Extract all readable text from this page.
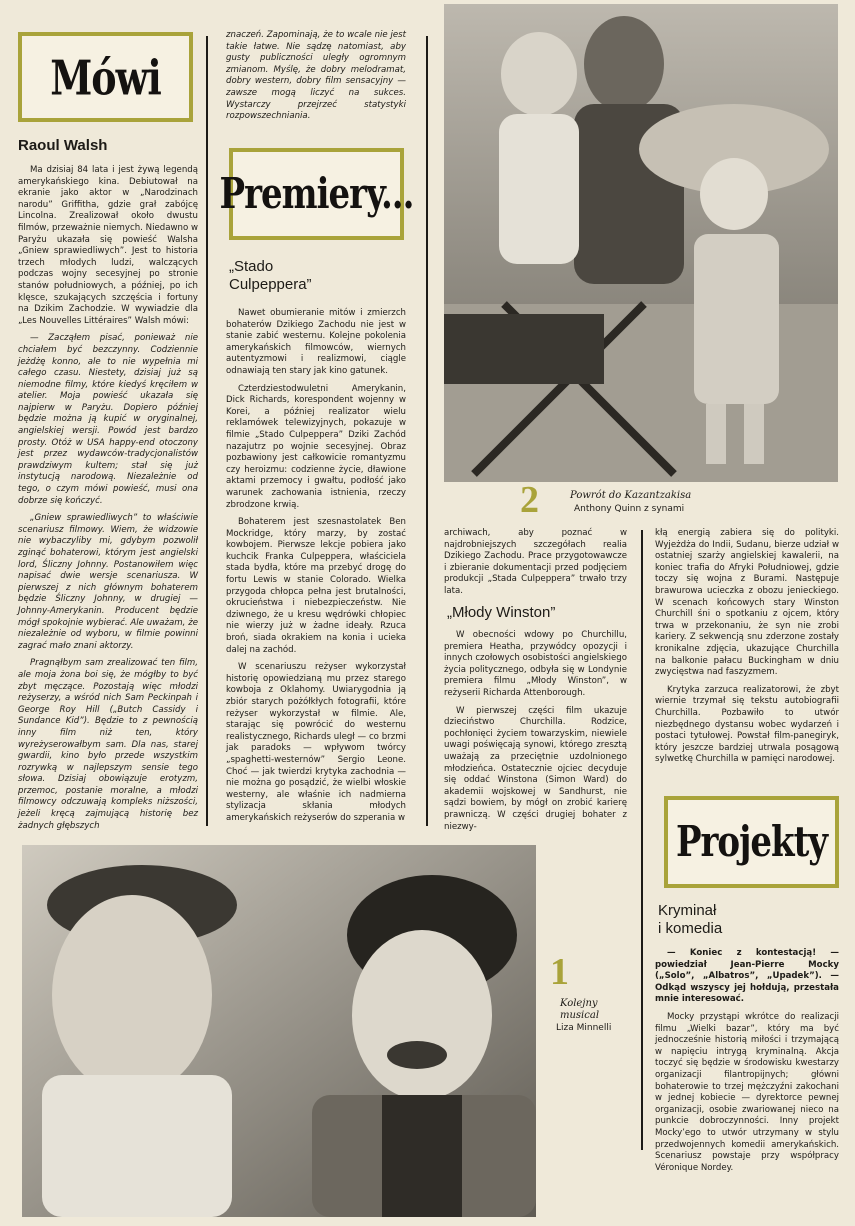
Mówi
Raoul Walsh

Ma dzisiaj 84 lata i jest żywą legendą amerykańskiego kina. Debiutował na ekranie jako aktor w „Narodzinach narodu” Griffitha, gdzie grał zabójcę Lincolna. Zrealizował około dwustu filmów, przeważnie niemych. Niedawno w Paryżu ukazała się powieść Walsha „Gniew sprawiedliwych”. Jest to historia trzech młodych ludzi, walczących podczas wojny secesyjnej po stronie stanów południowych, a później, po ich klęsce, szukających szczęścia i fortuny na Dzikim Zachodzie. W wywiadzie dla „Les Nouvelles Littéraires” Walsh mówi:

— Zacząłem pisać, ponieważ nie chciałem być bezczynny. Codziennie jeżdżę konno, ale to nie wypełnia mi całego czasu. Niestety, dzisiaj już są niemodne filmy, które kiedyś kręciłem w atelier. Moja powieść ukazała się najpierw w Paryżu. Dopiero później będzie można ją kupić w oryginalnej, angielskiej wersji. Powód jest bardzo prosty. Otóż w USA happy-end otoczony jest przez wydawców-tradycjonalistów prawdziwym kultem; stał się już instytucją narodową. Niezależnie od tego, o czym mówi powieść, musi ona dobrze się kończyć.

„Gniew sprawiedliwych” to właściwie scenariusz filmowy. Wiem, że widzowie nie wybaczyliby mi, gdybym pozwolił zginąć bohaterowi, którym jest angielski lord, Śliczny Johnny. Postanowiłem więc napisać dwie wersje scenariusza. W pierwszej z nich głównym bohaterem będzie Śliczny Johnny, w drugiej — Johnny-Amerykanin. Producent będzie mógł spokojnie wybierać. Ale uważam, że niezależnie od wyboru, w filmie powinni zagrać mało znani aktorzy.

Pragnąłbym sam zrealizować ten film, ale moja żona boi się, że mógłby to być zbyt męczące. Pozostają więc młodzi reżyserzy, a wśród nich Sam Peckinpah i George Roy Hill („Butch Cassidy i Sundance Kid”). Będzie to z pewnością inny film niż ten, który wyreżyserowałbym sam. Dla nas, starej gwardii, kino było przede wszystkim rozrywką w najlepszym sensie tego słowa. Dzisiaj obowiązuje erotyzm, przemoc, postanie moralne, a młodzi filmowcy odczuwają kompleks niższości, jeżeli kręcą zajmującą historię bez żadnych głębszych

znaczeń. Zapominają, że to wcale nie jest takie łatwe. Nie sądzę natomiast, aby gusty publiczności uległy ogromnym zmianom. Myślę, że dobry melodramat, dobry western, dobry film sensacyjny — zawsze mogą liczyć na sukces. Wystarczy przejrzeć statystyki rozpowszechniania.

Premiery...
„Stado
Culpeppera”

Nawet obumieranie mitów i zmierzch bohaterów Dzikiego Zachodu nie jest w stanie zabić westernu. Kolejne pokolenia amerykańskich filmowców, wiernych autentyzmowi i realizmowi, ciągle odnawiają ten stary jak kino gatunek.

Czterdziestodwuletni Amerykanin, Dick Richards, korespondent wojenny w Korei, a później realizator wielu reklamówek telewizyjnych, pokazuje w filmie „Stado Culpeppera” Dziki Zachód nazajutrz po wojnie secesyjnej. Obraz pozbawiony jest całkowicie romantyzmu czy heroizmu: codzienne życie, dławione aktami przemocy i gwałtu, podłość jako warunek zachowania istnienia, rzeczy zbrodzone krwią.

Bohaterem jest szesnastolatek Ben Mockridge, który marzy, by zostać kowbojem. Pierwsze lekcje pobiera jako kuchcik Franka Culpeppera, właściciela stada bydła, które ma przebyć drogę do fortu Lewis w stanie Colorado. Wielka przygoda chłopca pełna jest brutalności, okrucieństwa i niebezpieczeństw. Nie dziwnego, że u kresu wędrówki chłopiec nie wierzy już w żadne ideały. Rzuca broń, siada okrakiem na konia i ucieka dalej na zachód.

W scenariuszu reżyser wykorzystał historię opowiedzianą mu przez starego kowboja z Oklahomy. Uwiarygodnia ją zbiór starych pożółkłych fotografii, które reżyser wykorzystał w filmie. Ale, starając się powrócić do westernu realistycznego, Richards uległ — co brzmi jak paradoks — wpływom twórcy „spaghetti-westernów” Sergio Leone. Choć — jak twierdzi krytyka zachodnia — nie można go posądzić, że wielbi włoskie westerny, ale właśnie ich nadmierna stylizacja skłania młodych amerykańskich reżyserów do szperania w

2	Powrót do Kazantzakisa
Anthony Quinn z synami

archiwach, aby poznać w najdrobniejszych szczegółach realia Dzikiego Zachodu. Prace przygotowawcze i zbieranie dokumentacji przed podjęciem produkcji „Stada Culpeppera” trwało trzy lata.

„Młody Winston”

W obecności wdowy po Churchillu, premiera Heatha, przywódcy opozycji i innych czołowych osobistości angielskiego życia politycznego, odbyła się w Londynie premiera filmu „Młody Winston”, w reżyserii Richarda Attenborough.

W pierwszej części film ukazuje dzieciństwo Churchilla. Rodzice, pochłonięci życiem towarzyskim, niewiele uwagi poświęcają synowi, którego zresztą uważają za przeciętnie uzdolnionego młodzieńca. Ostatecznie ojciec decyduje się oddać Winstona (Simon Ward) do akademii wojskowej w Sandhurst, nie sądzi bowiem, by mógł on zrobić karierę prawniczą. W części drugiej bohater z niezwy-

kłą energią zabiera się do polityki. Wyjeżdża do Indii, Sudanu, bierze udział w ostatniej szarży angielskiej kawalerii, na koniec trafia do Afryki Południowej, gdzie toczy się wojna z Burami. Następuje brawurowa ucieczka z obozu jenieckiego. W scenach końcowych stary Winston Churchill śni o spotkaniu z ojcem, który trwa w przekonaniu, że syn nie zrobi kariery. Z sekwencją snu zderzone zostały kronikalne zdjęcia, ukazujące Churchilla na balkonie pałacu Buckingham w dniu zwycięstwa nad faszyzmem.

Krytyka zarzuca realizatorowi, że zbyt wiernie trzymał się tekstu autobiografii Churchilla. Pozbawiło to utwór niezbędnego dystansu wobec wydarzeń i postaci tytułowej. Powstał film-panegiryk, który jeszcze bardziej utrwala posągową sylwetkę Churchilla w pamięci narodowej.

Projekty
Kryminał
i komedia

— Koniec z kontestacją! — powiedział Jean-Pierre Mocky („Solo”, „Albatros”, „Upadek”). — Odkąd wszyscy jej hołdują, przestała mnie interesować.

Mocky przystąpi wkrótce do realizacji filmu „Wielki bazar”, który ma być jednocześnie historią miłości i trzymającą w napięciu intrygą kryminalną. Akcja toczyć się będzie w środowisku kwestarzy organizacji filantropijnych; główni bohaterowie to trzej mężczyźni zakochani w jednej kobiecie — dyrektorce pewnej organizacji, osobie zwariowanej nieco na punkcie dobroczynności. Inny projekt Mocky’ego to utwór utrzymany w stylu przedwojennych komedii amerykańskich. Scenariusz powstaje przy współpracy Véronique Nordey.

1
Kolejny
musical
Liza Minnelli
